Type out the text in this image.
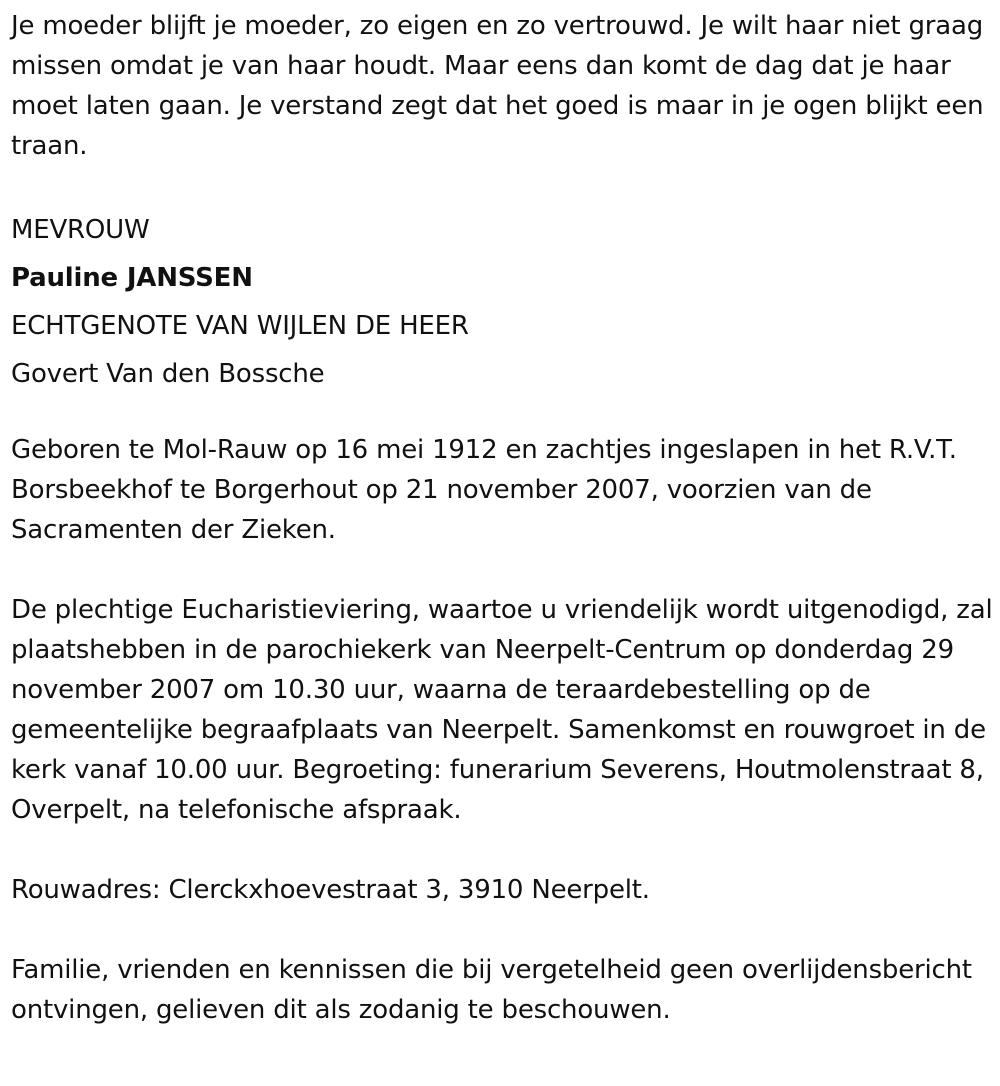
Je moeder blijft je moeder, zo eigen en zo vertrouwd. Je wilt haar niet graag missen omdat je van haar houdt. Maar eens dan komt de dag dat je haar moet laten gaan. Je verstand zegt dat het goed is maar in je ogen blijkt een traan.

MEVROUW

Pauline JANSSEN

ECHTGENOTE VAN WIJLEN DE HEER

Govert Van den Bossche

Geboren te Mol-Rauw op 16 mei 1912 en zachtjes ingeslapen in het R.V.T. Borsbeekhof te Borgerhout op 21 november 2007, voorzien van de Sacramenten der Zieken.

De plechtige Eucharistieviering, waartoe u vriendelijk wordt uitgenodigd, zal plaatshebben in de parochiekerk van Neerpelt-Centrum op donderdag 29 november 2007 om 10.30 uur, waarna de teraardebestelling op de gemeentelijke begraafplaats van Neerpelt. Samenkomst en rouwgroet in de kerk vanaf 10.00 uur. Begroeting: funerarium Severens, Houtmolenstraat 8, Overpelt, na telefonische afspraak.

Rouwadres: Clerckxhoevestraat 3, 3910 Neerpelt.

Familie, vrienden en kennissen die bij vergetelheid geen overlijdensbericht ontvingen, gelieven dit als zodanig te beschouwen.
